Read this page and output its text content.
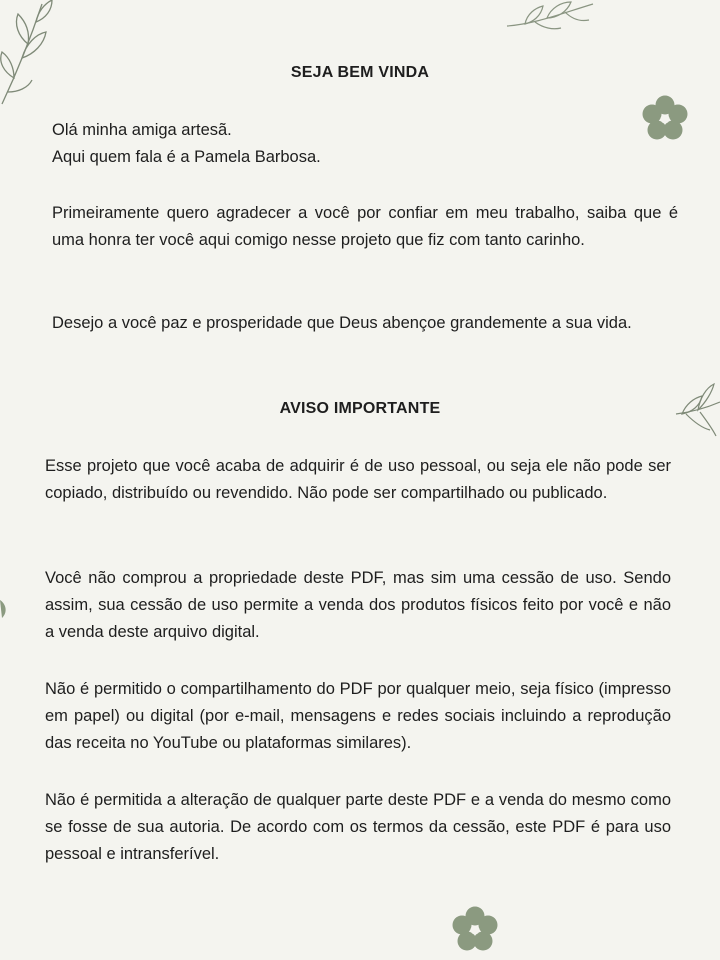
SEJA BEM VINDA

Olá minha amiga artesã.
Aqui quem fala é a Pamela Barbosa.

Primeiramente quero agradecer a você por confiar em meu trabalho, saiba que é uma honra ter você aqui comigo nesse projeto que fiz com tanto carinho.

Desejo a você paz e prosperidade que Deus abençoe grandemente a sua vida.

AVISO IMPORTANTE

Esse projeto que você acaba de adquirir é de uso pessoal, ou seja ele não pode ser copiado, distribuído ou revendido. Não pode ser compartilhado ou publicado.

Você não comprou a propriedade deste PDF, mas sim uma cessão de uso. Sendo assim, sua cessão de uso permite a venda dos produtos físicos feito por você e não a venda deste arquivo digital.

Não é permitido o compartilhamento do PDF por qualquer meio, seja físico (impresso em papel) ou digital (por e-mail, mensagens e redes sociais incluindo a reprodução das receita no YouTube ou plataformas similares).

Não é permitida a alteração de qualquer parte deste PDF e a venda do mesmo como se fosse de sua autoria. De acordo com os termos da cessão, este PDF é para uso pessoal e intransferível.
